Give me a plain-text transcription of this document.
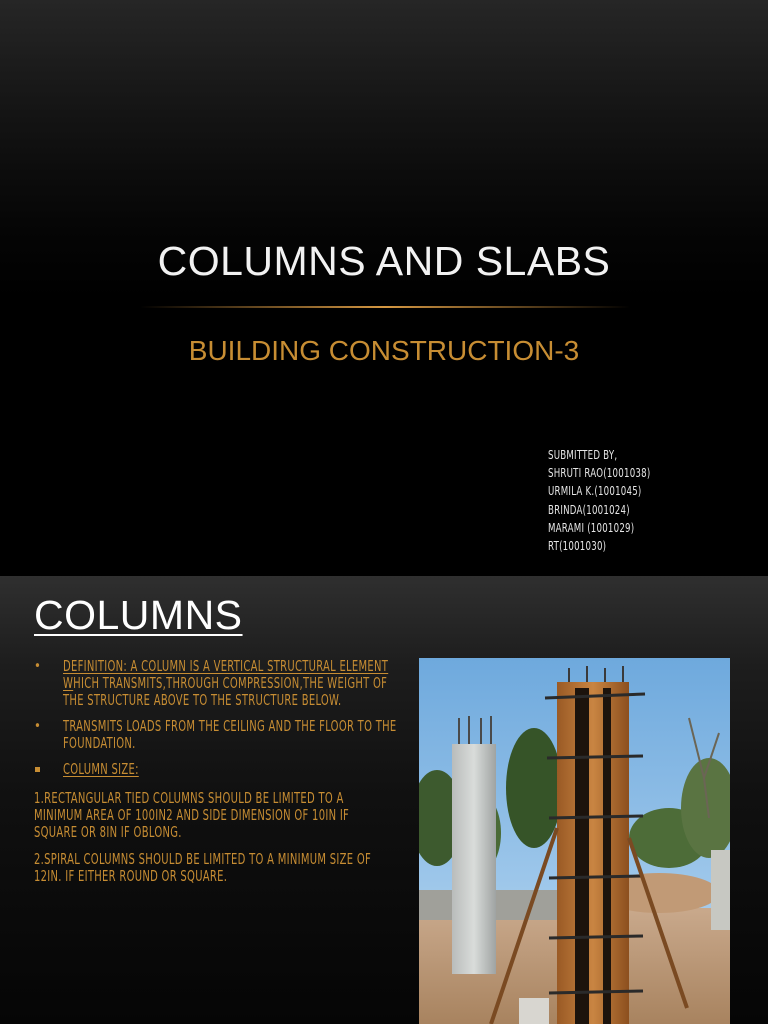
COLUMNS AND SLABS
BUILDING CONSTRUCTION-3
SUBMITTED BY,
SHRUTI RAO(1001038)
URMILA K.(1001045)
BRINDA(1001024)
MARAMI (1001029)
RT(1001030)
COLUMNS
• DEFINITION: A COLUMN IS A VERTICAL STRUCTURAL ELEMENT WHICH TRANSMITS,THROUGH COMPRESSION,THE WEIGHT OF THE STRUCTURE ABOVE TO THE STRUCTURE BELOW.
• TRANSMITS LOADS FROM THE CEILING AND THE FLOOR TO THE FOUNDATION.
COLUMN SIZE:
1.RECTANGULAR TIED COLUMNS SHOULD BE LIMITED TO A MINIMUM AREA OF 100IN2 AND SIDE DIMENSION OF 10IN IF SQUARE OR 8IN IF OBLONG.
2.SPIRAL COLUMNS SHOULD BE LIMITED TO A MINIMUM SIZE OF 12IN. IF EITHER ROUND OR SQUARE.
